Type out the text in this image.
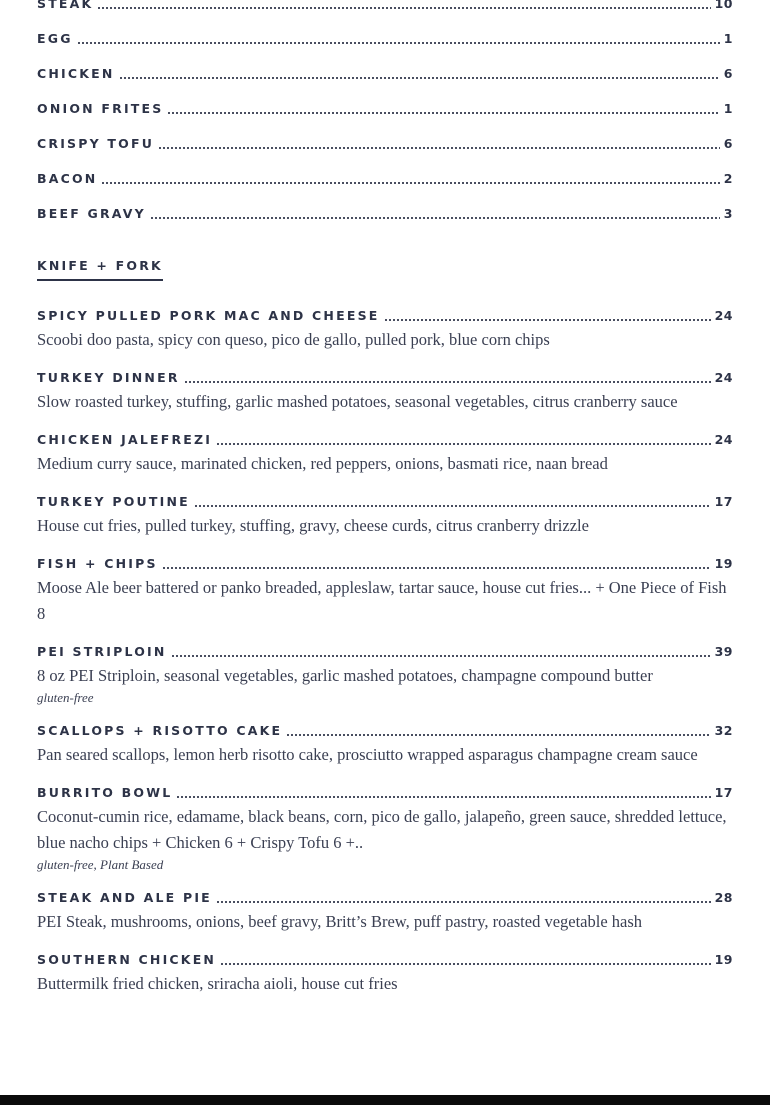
STEAK	10
EGG	1
CHICKEN	6
ONION FRITES	1
CRISPY TOFU	6
BACON	2
BEEF GRAVY	3
KNIFE + FORK
SPICY PULLED PORK MAC AND CHEESE	24
Scoobi doo pasta, spicy con queso, pico de gallo, pulled pork, blue corn chips
TURKEY DINNER	24
Slow roasted turkey, stuffing, garlic mashed potatoes, seasonal vegetables, citrus cranberry sauce
CHICKEN JALEFREZI	24
Medium curry sauce, marinated chicken, red peppers, onions, basmati rice, naan bread
TURKEY POUTINE	17
House cut fries, pulled turkey, stuffing, gravy, cheese curds, citrus cranberry drizzle
FISH + CHIPS	19
Moose Ale beer battered or panko breaded, appleslaw, tartar sauce, house cut fries... + One Piece of Fish 8
PEI STRIPLOIN	39
8 oz PEI Striploin, seasonal vegetables, garlic mashed potatoes, champagne compound butter
gluten-free
SCALLOPS + RISOTTO CAKE	32
Pan seared scallops, lemon herb risotto cake, prosciutto wrapped asparagus champagne cream sauce
BURRITO BOWL	17
Coconut-cumin rice, edamame, black beans, corn, pico de gallo, jalapeño, green sauce, shredded lettuce, blue nacho chips + Chicken 6 + Crispy Tofu 6 +..
gluten-free, Plant Based
STEAK AND ALE PIE	28
PEI Steak, mushrooms, onions, beef gravy, Britt’s Brew, puff pastry, roasted vegetable hash
SOUTHERN CHICKEN	19
Buttermilk fried chicken, sriracha aioli, house cut fries
